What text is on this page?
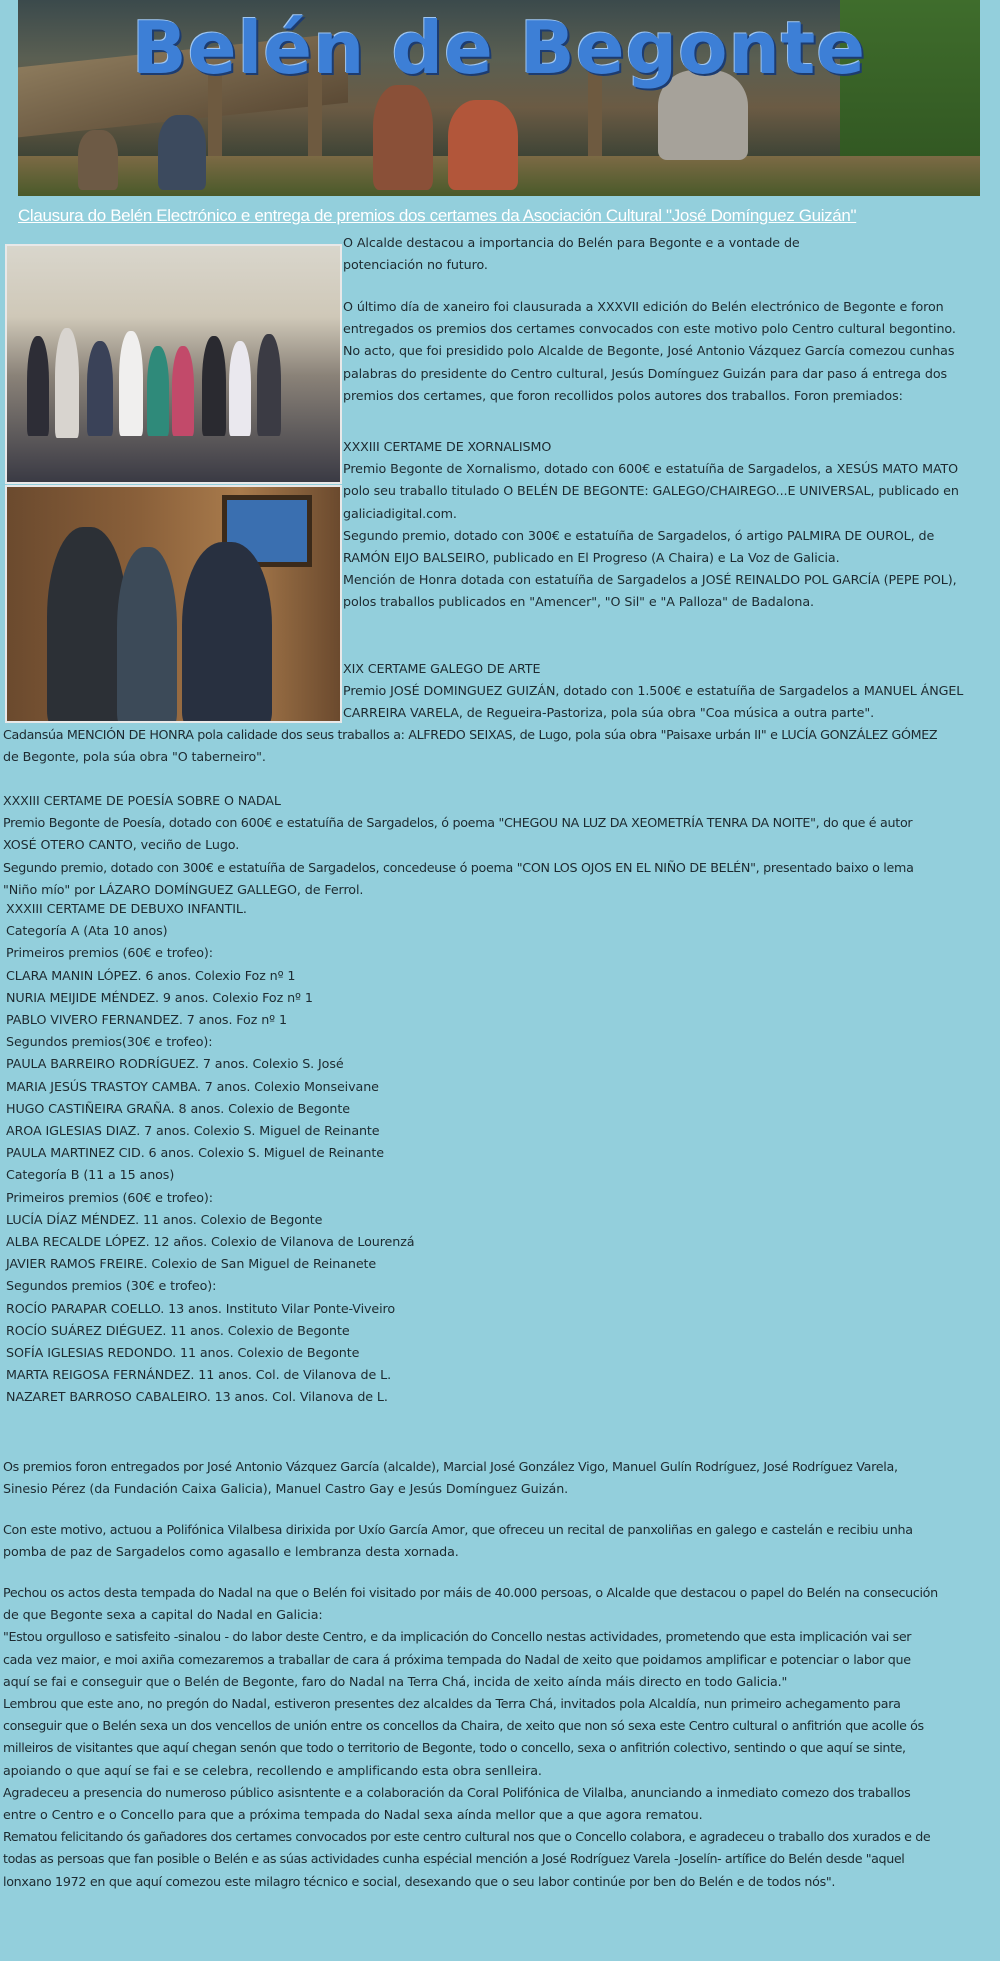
Belén de Begonte
Clausura do Belén Electrónico e entrega de premios dos certames da Asociación Cultural "José Domínguez Guizán"

O Alcalde destacou a importancia do Belén para Begonte e a vontade de

potenciación no futuro.

O último día de xaneiro foi clausurada a XXXVII edición do Belén electrónico de Begonte e foron

entregados os premios dos certames convocados con este motivo polo Centro cultural begontino.

No acto, que foi presidido polo Alcalde de Begonte, José Antonio Vázquez García comezou cunhas

palabras do presidente do Centro cultural, Jesús Domínguez Guizán para dar paso á entrega dos

premios dos certames, que foron recollidos polos autores dos traballos. Foron premiados:

XXXIII CERTAME DE XORNALISMO

Premio Begonte de Xornalismo, dotado con 600€ e estatuíña de Sargadelos, a XESÚS MATO MATO

polo seu traballo titulado O BELÉN DE BEGONTE: GALEGO/CHAIREGO...E UNIVERSAL, publicado en

galiciadigital.com.

Segundo premio, dotado con 300€ e estatuíña de Sargadelos, ó artigo PALMIRA DE OUROL, de

RAMÓN EIJO BALSEIRO, publicado en El Progreso (A Chaira) e La Voz de Galicia.

Mención de Honra dotada con estatuíña de Sargadelos a JOSÉ REINALDO POL GARCÍA (PEPE POL),

polos traballos publicados en "Amencer", "O Sil" e "A Palloza" de Badalona.

XIX CERTAME GALEGO DE ARTE

Premio JOSÉ DOMINGUEZ GUIZÁN, dotado con 1.500€ e estatuíña de Sargadelos a MANUEL ÁNGEL

CARREIRA VARELA, de Regueira-Pastoriza, pola súa obra "Coa música a outra parte".

Cadansúa MENCIÓN DE HONRA pola calidade dos seus traballos a: ALFREDO SEIXAS, de Lugo, pola súa obra "Paisaxe urbán II" e LUCÍA GONZÁLEZ GÓMEZ

de Begonte, pola súa obra "O taberneiro".

XXXIII CERTAME DE POESÍA SOBRE O NADAL

Premio Begonte de Poesía, dotado con 600€ e estatuíña de Sargadelos, ó poema "CHEGOU NA LUZ DA XEOMETRÍA TENRA DA NOITE", do que é autor

XOSÉ OTERO CANTO, veciño de Lugo.

Segundo premio, dotado con 300€ e estatuíña de Sargadelos, concedeuse ó poema "CON LOS OJOS EN EL NIÑO DE BELÉN", presentado baixo o lema

"Niño mío" por LÁZARO DOMÍNGUEZ GALLEGO, de Ferrol.

XXXIII CERTAME DE DEBUXO INFANTIL.

Categoría A (Ata 10 anos)

Primeiros premios (60€ e trofeo):

CLARA MANIN LÓPEZ. 6 anos. Colexio Foz nº 1

NURIA MEIJIDE MÉNDEZ. 9 anos. Colexio Foz nº 1

PABLO VIVERO FERNANDEZ. 7 anos. Foz nº 1

Segundos premios(30€ e trofeo):

PAULA BARREIRO RODRÍGUEZ. 7 anos. Colexio S. José

MARIA JESÚS TRASTOY CAMBA. 7 anos. Colexio Monseivane

HUGO CASTIÑEIRA GRAÑA. 8 anos. Colexio de Begonte

AROA IGLESIAS DIAZ. 7 anos. Colexio S. Miguel de Reinante

PAULA MARTINEZ CID. 6 anos. Colexio S. Miguel de Reinante

Categoría B (11 a 15 anos)

Primeiros premios (60€ e trofeo):

LUCÍA DÍAZ MÉNDEZ. 11 anos. Colexio de Begonte

ALBA RECALDE LÓPEZ. 12 años. Colexio de Vilanova de Lourenzá

JAVIER RAMOS FREIRE. Colexio de San Miguel de Reinanete

Segundos premios (30€ e trofeo):

ROCÍO PARAPAR COELLO. 13 anos. Instituto Vilar Ponte-Viveiro

ROCÍO SUÁREZ DIÉGUEZ. 11 anos. Colexio de Begonte

SOFÍA IGLESIAS REDONDO. 11 anos. Colexio de Begonte

MARTA REIGOSA FERNÁNDEZ. 11 anos. Col. de Vilanova de L.

NAZARET BARROSO CABALEIRO. 13 anos. Col. Vilanova de L.

Os premios foron entregados por José Antonio Vázquez García (alcalde), Marcial José González Vigo, Manuel Gulín Rodríguez, José Rodríguez Varela,

Sinesio Pérez (da Fundación Caixa Galicia), Manuel Castro Gay e Jesús Domínguez Guizán.

Con este motivo, actuou a Polifónica Vilalbesa dirixida por Uxío García Amor, que ofreceu un recital de panxoliñas en galego e castelán e recibiu unha

pomba de paz de Sargadelos como agasallo e lembranza desta xornada.

Pechou os actos desta tempada do Nadal na que o Belén foi visitado por máis de 40.000 persoas, o Alcalde que destacou o papel do Belén na consecución

de que Begonte sexa a capital do Nadal en Galicia:

"Estou orgulloso e satisfeito -sinalou - do labor deste Centro, e da implicación do Concello nestas actividades, prometendo que esta implicación vai ser

cada vez maior, e moi axiña comezaremos a traballar de cara á próxima tempada do Nadal de xeito que poidamos amplificar e potenciar o labor que

aquí se fai e conseguir que o Belén de Begonte, faro do Nadal na Terra Chá, incida de xeito aínda máis directo en todo Galicia."

Lembrou que este ano, no pregón do Nadal, estiveron presentes dez alcaldes da Terra Chá, invitados pola Alcaldía, nun primeiro achegamento para

conseguir que o Belén sexa un dos vencellos de unión entre os concellos da Chaira, de xeito que non só sexa este Centro cultural o anfitrión que acolle ós

milleiros de visitantes que aquí chegan senón que todo o territorio de Begonte, todo o concello, sexa o anfitrión colectivo, sentindo o que aquí se sinte,

apoiando o que aquí se fai e se celebra, recollendo e amplificando esta obra senlleira.

Agradeceu a presencia do numeroso público asisntente e a colaboración da Coral Polifónica de Vilalba, anunciando a inmediato comezo dos traballos

entre o Centro e o Concello para que a próxima tempada do Nadal sexa aínda mellor que a que agora rematou.

Rematou felicitando ós gañadores dos certames convocados por este centro cultural nos que o Concello colabora, e agradeceu o traballo dos xurados e de

todas as persoas que fan posible o Belén e as súas actividades cunha espécial mención a José Rodríguez Varela -Joselín- artífice do Belén desde "aquel

lonxano 1972 en que aquí comezou este milagro técnico e social, desexando que o seu labor continúe por ben do Belén e de todos nós".
